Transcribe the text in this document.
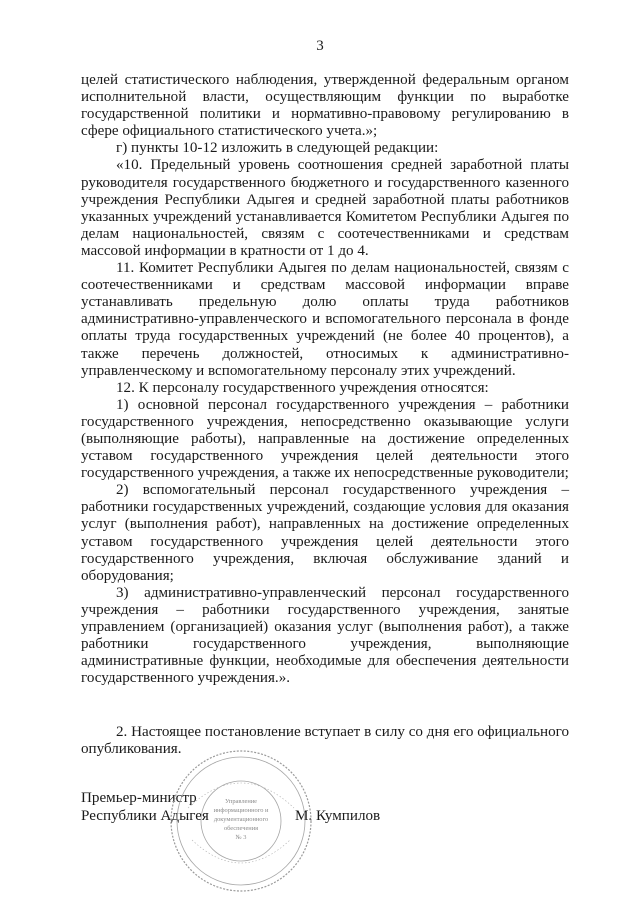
3

целей статистического наблюдения, утвержденной федеральным органом исполнительной власти, осуществляющим функции по выработке государственной политики и нормативно-правовому регулированию в сфере официального статистического учета.»;

г) пункты 10-12 изложить в следующей редакции:

«10. Предельный уровень соотношения средней заработной платы руководителя государственного бюджетного и государственного казенного учреждения Республики Адыгея и средней заработной платы работников указанных учреждений устанавливается Комитетом Республики Адыгея по делам национальностей, связям с соотечественниками и средствам массовой информации в кратности от 1 до 4.

11. Комитет Республики Адыгея по делам национальностей, связям с соотечественниками и средствам массовой информации вправе устанавливать предельную долю оплаты труда работников административно-управленческого и вспомогательного персонала в фонде оплаты труда государственных учреждений (не более 40 процентов), а также перечень должностей, относимых к административно-управленческому и вспомогательному персоналу этих учреждений.

12. К персоналу государственного учреждения относятся:

1) основной персонал государственного учреждения – работники государственного учреждения, непосредственно оказывающие услуги (выполняющие работы), направленные на достижение определенных уставом государственного учреждения целей деятельности этого государственного учреждения, а также их непосредственные руководители;

2) вспомогательный персонал государственного учреждения – работники государственных учреждений, создающие условия для оказания услуг (выполнения работ), направленных на достижение определенных уставом государственного учреждения целей деятельности этого государственного учреждения, включая обслуживание зданий и оборудования;

3) административно-управленческий персонал государственного учреждения – работники государственного учреждения, занятые управлением (организацией) оказания услуг (выполнения работ), а также работники государственного учреждения, выполняющие административные функции, необходимые для обеспечения деятельности государственного учреждения.».

2. Настоящее постановление вступает в силу со дня его официального опубликования.

Премьер-министр
Республики Адыгея	М. Кумпилов
Управление
информационного и
документационного
обеспечения
№ 3
